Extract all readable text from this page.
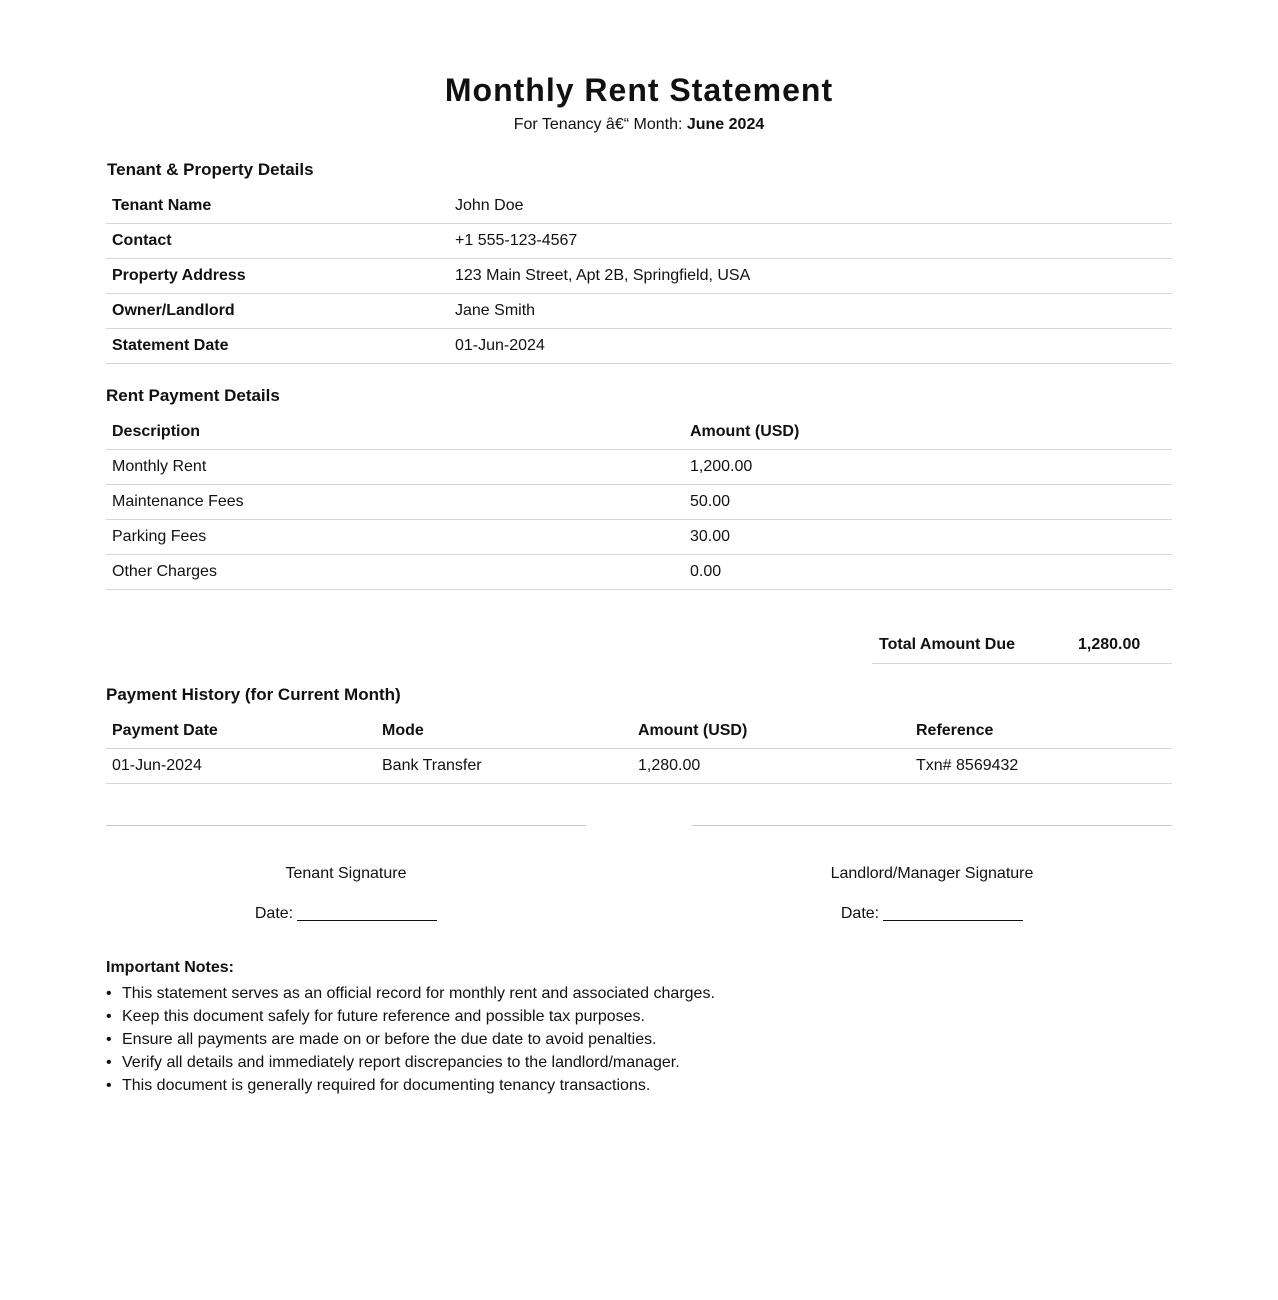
Monthly Rent Statement
For Tenancy â€“ Month: June 2024
Tenant & Property Details
Tenant Name	John Doe
Contact	+1 555-123-4567
Property Address	123 Main Street, Apt 2B, Springfield, USA
Owner/Landlord	Jane Smith
Statement Date	01-Jun-2024
Rent Payment Details
Description	Amount (USD)
Monthly Rent	1,200.00
Maintenance Fees	50.00
Parking Fees	30.00
Other Charges	0.00
Total Amount Due	1,280.00
Payment History (for Current Month)
Payment Date	Mode	Amount (USD)	Reference
01-Jun-2024	Bank Transfer	1,280.00	Txn# 8569432
Tenant Signature	Landlord/Manager Signature
Date:	Date:
Important Notes:
• This statement serves as an official record for monthly rent and associated charges.
• Keep this document safely for future reference and possible tax purposes.
• Ensure all payments are made on or before the due date to avoid penalties.
• Verify all details and immediately report discrepancies to the landlord/manager.
• This document is generally required for documenting tenancy transactions.
